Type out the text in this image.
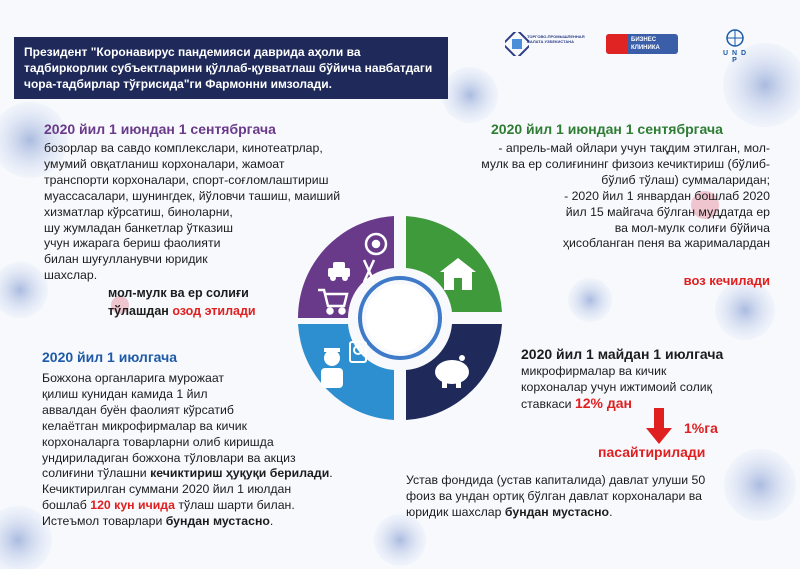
Президент "Коронавирус пандемияси даврида аҳоли ва тадбиркорлик субъектларини қўллаб-қувватлаш бўйича навбатдаги чора-тадбирлар тўғрисида"ги Фармонни имзолади.
ТОРГОВО-ПРОМЫШЛЕННАЯ ПАЛАТА УЗБЕКИСТАНА	БИЗНЕС КЛИНИКА
U N D P
2020 йил 1 июндан 1 сентябргача

бозорлар ва савдо комплекслари, кинотеатрлар,

умумий овқатланиш корхоналари, жамоат

транспорти корхоналари, спорт-соғломлаштириш

муассасалари, шунингдек, йўловчи ташиш, маиший

хизматлар кўрсатиш, биноларни,

шу жумладан банкетлар ўтказиш

учун ижарага бериш фаолияти

билан шуғулланувчи юридик

шахслар.

мол-мулк ва ер солиғи
тўлашдан озод этилади
2020 йил 1 июндан 1 сентябргача

- апрель-май ойлари учун тақдим этилган, мол-

мулк ва ер солиғининг физоиз кечиктириш (бўлиб-

бўлиб тўлаш) суммаларидан;

- 2020 йил 1 январдан бошлаб 2020

йил 15 майгача бўлган муддатда ер

ва мол-мулк солиғи бўйича

ҳисобланган пеня ва жарималардан

воз кечилади
2020 йил 1 июлгача

Божхона органларига мурожаат

қилиш кунидан камида 1 йил

аввалдан буён фаолият кўрсатиб

келаётган микрофирмалар ва кичик

корхоналарга товарларни олиб киришда

ундириладиган божхона тўловлари ва акциз

солиғини тўлашни кечиктириш ҳуқуқи берилади.

Кечиктирилган суммани 2020 йил 1 июлдан

бошлаб 120 кун ичида тўлаш шарти билан.

Истеъмол товарлари бундан мустасно.

2020 йил 1 майдан 1 июлгача

микрофирмалар ва кичик

корхоналар учун ижтимоий солиқ

ставкаси 12% дан

1%га
пасайтирилади

Устав фондида (устав капиталида) давлат улуши 50

фоиз ва ундан ортиқ бўлган давлат корхоналари ва

юридик шахслар бундан мустасно.
